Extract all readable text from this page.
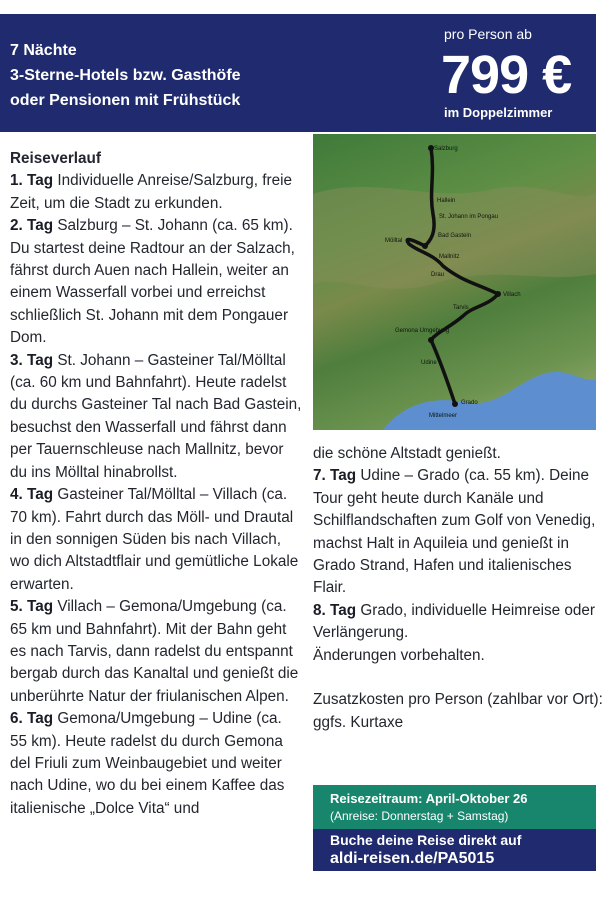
7 Nächte
3-Sterne-Hotels bzw. Gasthöfe
oder Pensionen mit Frühstück
pro Person ab
799 €
im Doppelzimmer
Salzburg
Hallein
St. Johann im Pongau
Bad Gastein
Mölltal
Mallnitz
Drau
Villach
Tarvis
Gemona Umgebung
Udine
Grado
Mittelmeer

Reiseverlauf

1. Tag Individuelle Anreise/Salzburg, freie Zeit, um die Stadt zu erkunden.

2. Tag Salzburg – St. Johann (ca. 65 km). Du startest deine Radtour an der Salzach, fährst durch Auen nach Hallein, weiter an einem Wasserfall vorbei und erreichst schließlich St. Johann mit dem Pongauer Dom.

3. Tag St. Johann – Gasteiner Tal/Mölltal (ca. 60 km und Bahnfahrt). Heute radelst du durchs Gasteiner Tal nach Bad Gastein, besuchst den Wasserfall und fährst dann per Tauernschleuse nach Mallnitz, bevor du ins Mölltal hinabrollst.

4. Tag Gasteiner Tal/Mölltal – Villach (ca. 70 km). Fahrt durch das Möll- und Drautal in den sonnigen Süden bis nach Villach, wo dich Altstadtflair und gemütliche Lokale erwarten.

5. Tag Villach – Gemona/Umgebung (ca. 65 km und Bahnfahrt). Mit der Bahn geht es nach Tarvis, dann radelst du entspannt bergab durch das Kanaltal und genießt die unberührte Natur der friulanischen Alpen.

6. Tag Gemona/Umgebung – Udine (ca. 55 km). Heute radelst du durch Gemona del Friuli zum Weinbaugebiet und weiter nach Udine, wo du bei einem Kaffee das italienische „Dolce Vita“ und

die schöne Altstadt genießt.

7. Tag Udine – Grado (ca. 55 km). Deine Tour geht heute durch Kanäle und Schilflandschaften zum Golf von Venedig, machst Halt in Aquileia und genießt in Grado Strand, Hafen und italienisches Flair.

8. Tag Grado, individuelle Heimreise oder Verlängerung.

Änderungen vorbehalten.

Zusatzkosten pro Person (zahlbar vor Ort): ggfs. Kurtaxe

Reisezeitraum: April-Oktober 26
(Anreise: Donnerstag + Samstag)
Buche deine Reise direkt auf
aldi-reisen.de/PA5015
